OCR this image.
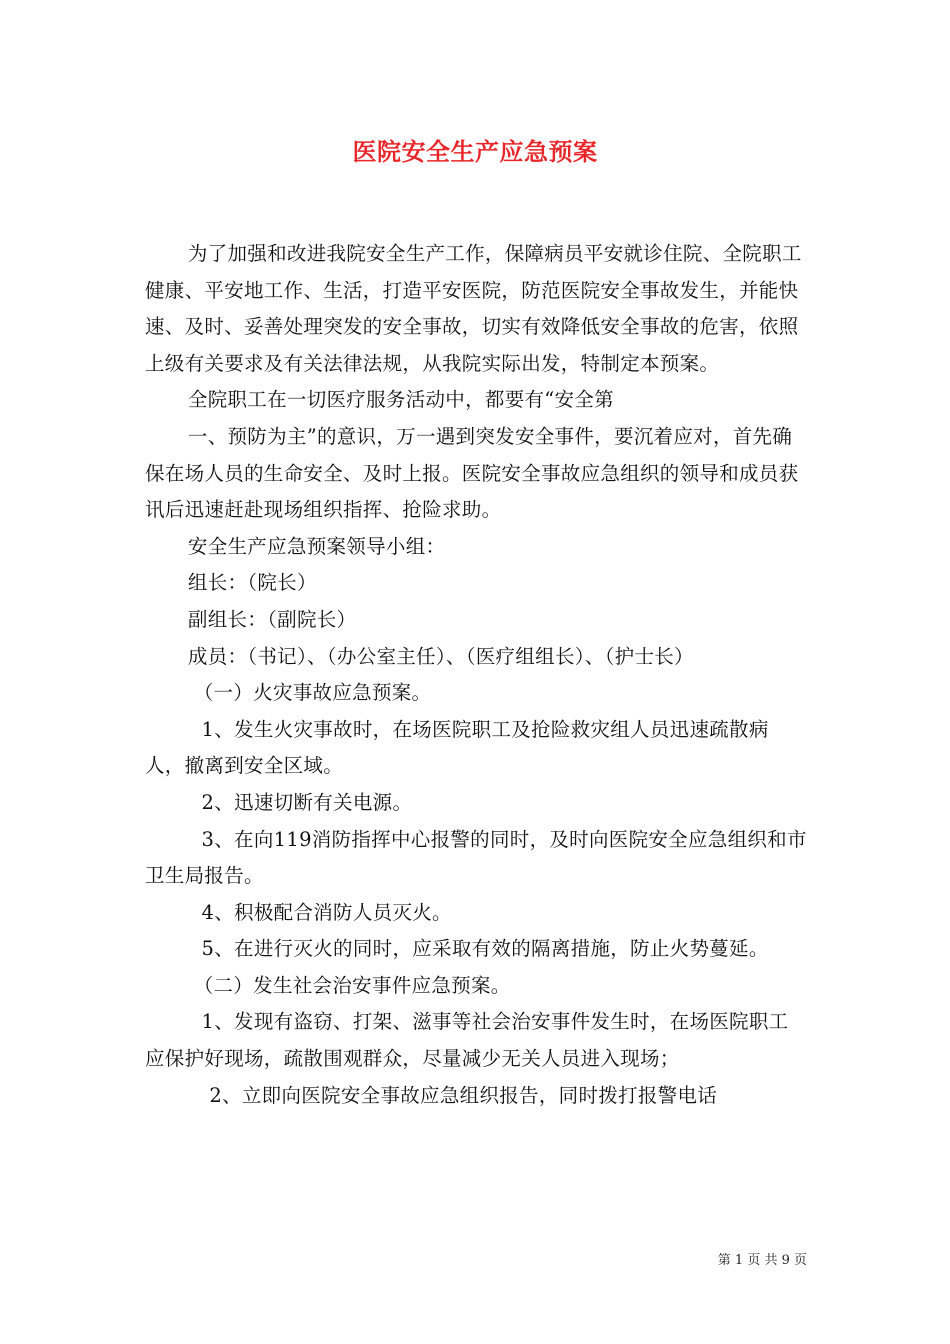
医院安全生产应急预案

为了加强和改进我院安全生产工作，保障病员平安就诊住院、全院职工健康、平安地工作、生活，打造平安医院，防范医院安全事故发生，并能快速、及时、妥善处理突发的安全事故，切实有效降低安全事故的危害，依照上级有关要求及有关法律法规，从我院实际出发，特制定本预案。

全院职工在一切医疗服务活动中，都要有“安全第

一、预防为主”的意识，万一遇到突发安全事件，要沉着应对，首先确保在场人员的生命安全、及时上报。医院安全事故应急组织的领导和成员获讯后迅速赶赴现场组织指挥、抢险求助。

安全生产应急预案领导小组：

组长：（院长）

副组长：（副院长）

成员：（书记）、（办公室主任）、（医疗组组长）、（护士长）

（一）火灾事故应急预案。

1、发生火灾事故时，在场医院职工及抢险救灾组人员迅速疏散病人，撤离到安全区域。

2、迅速切断有关电源。

3、在向119消防指挥中心报警的同时，及时向医院安全应急组织和市卫生局报告。

4、积极配合消防人员灭火。

5、在进行灭火的同时，应采取有效的隔离措施，防止火势蔓延。

（二）发生社会治安事件应急预案。

1、发现有盗窃、打架、滋事等社会治安事件发生时，在场医院职工应保护好现场，疏散围观群众，尽量减少无关人员进入现场；

2、立即向医院安全事故应急组织报告，同时拨打报警电话

第 1 页 共 9 页
